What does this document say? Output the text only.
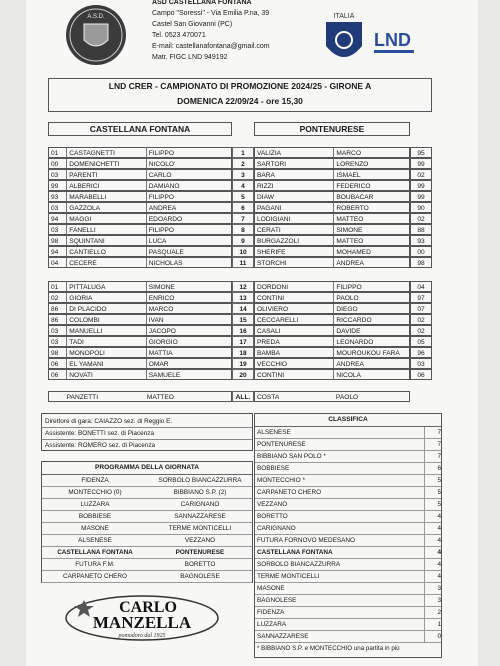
A.S.D.
ASD CASTELLANA FONTANA
Campo "Soressi" - Via Emilia P.na, 39
Castel San Giovanni (PC)
Tel. 0523 470071
E-mail: castellanafontana@gmail.com
Matr. FIGC LND 949192
ITALIA
LND
LND CRER - CAMPIONATO DI PROMOZIONE 2024/25 - GIRONE A
DOMENICA 22/09/24 - ore 15,30
CASTELLANA FONTANA	PONTENURESE
01	CASTAGNETTI	FILIPPO	1	VALIZIA	MARCO	95
00	DOMENICHETTI	NICOLO'	2	SARTORI	LORENZO	99
03	PARENTI	CARLO	3	BARA	ISMAEL	02
99	ALBERICI	DAMIANO	4	RIZZI	FEDERICO	99
93	MARABELLI	FILIPPO	5	DIAW	BOUBACAR	99
03	GAZZOLA	ANDREA	6	PAGANI	ROBERTO	90
94	MAGGI	EDOARDO	7	LODIGIANI	MATTEO	02
03	FANELLI	FILIPPO	8	CERATI	SIMONE	88
98	SQUINTANI	LUCA	9	BURGAZZOLI	MATTEO	93
94	CANTIELLO	PASQUALE	10	SHERIFE	MOHAMED	00
04	CECERE	NICHOLAS	11	STORCHI	ANDREA	98
01	PITTALUGA	SIMONE	12	DORDONI	FILIPPO	04
02	GIORIA	ENRICO	13	CONTINI	PAOLO	97
86	DI PLACIDO	MARCO	14	OLIVIERO	DIEGO	07
86	COLOMBI	IVAN	15	CECCARELLI	RICCARDO	02
03	MANUELLI	JACOPO	16	CASALI	DAVIDE	02
03	TADI	GIORGIO	17	PREDA	LEONARDO	05
98	MONOPOLI	MATTIA	18	BAMBA	MOUROUKOU FARA	96
06	EL YAMANI	OMAR	19	VECCHIO	ANDREA	03
06	NOVATI	SAMUELE	20	CONTINI	NICOLA	06
PANZETTI	MATTEO	ALL.	COSTA	PAOLO
Direttore di gara: CAIAZZO sez. di Reggio E.
Assistente: BONETTI sez. di Piacenza
Assistente: ROMERO sez. di Piacenza
PROGRAMMA DELLA GIORNATA
FIDENZA	SORBOLO BIANCAZZURRA
MONTECCHIO (0)	BIBBIANO S.P. (2)
LUZZARA	CARIGNANO
BOBBIESE	SANNAZZARESE
MASONE	TERME MONTICELLI
ALSENESE	VEZZANO
CASTELLANA FONTANA	PONTENURESE
FUTURA F.M.	BORETTO
CARPANETO CHERO	BAGNOLESE
CARLO
MANZELLA
pomodoro dal 1925
CLASSIFICA
ALSENESE	7
PONTENURESE	7
BIBBIANO SAN POLO *	7
BOBBIESE	6
MONTECCHIO *	5
CARPANETO CHERO	5
VEZZANO	5
BORETTO	4
CARIGNANO	4
FUTURA FORNOVO MEDESANO	4
CASTELLANA FONTANA	4
SORBOLO BIANCAZZURRA	4
TERME MONTICELLI	4
MASONE	3
BAGNOLESE	3
FIDENZA	2
LUZZARA	1
SANNAZZARESE	0
* BIBBIANO S.P. e MONTECCHIO una partita in più
